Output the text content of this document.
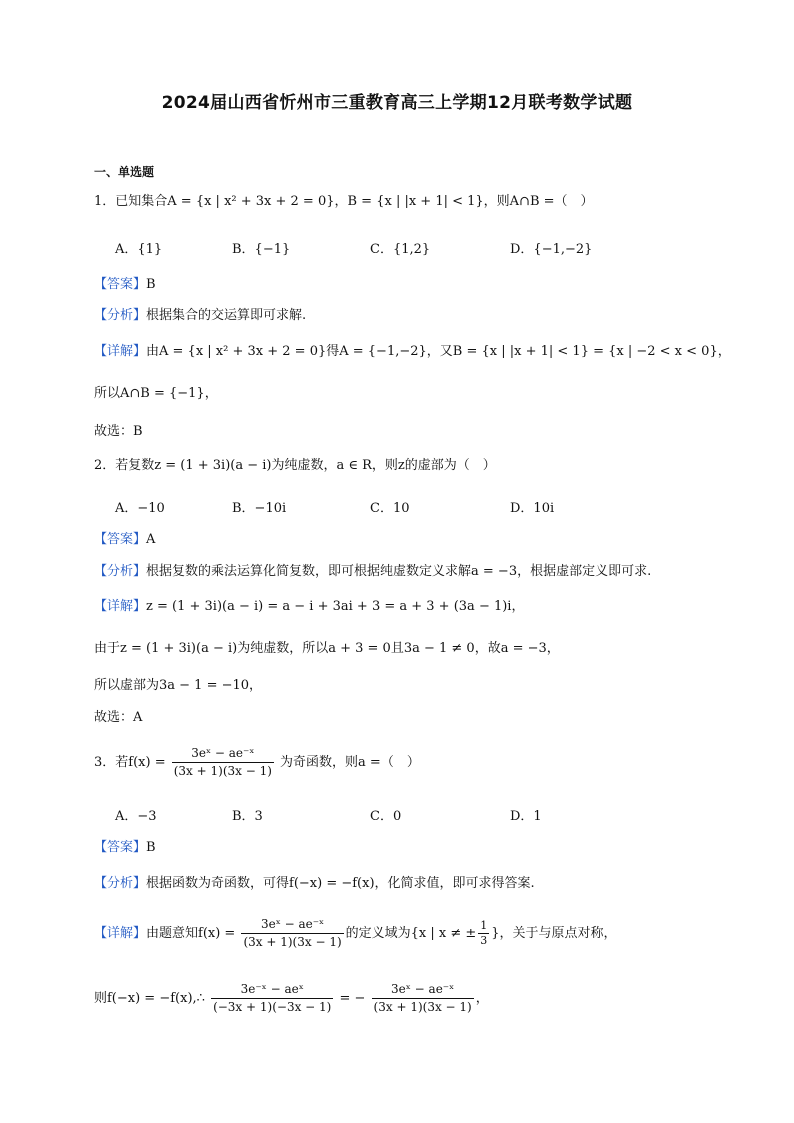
2024届山西省忻州市三重教育高三上学期12月联考数学试题
一、单选题
1．已知集合A = {x | x² + 3x + 2 = 0}，B = {x | |x + 1| < 1}，则A∩B =（　）
A．{1}	B．{−1}	C．{1,2}	D．{−1,−2}
【答案】B
【分析】根据集合的交运算即可求解.
【详解】由A = {x | x² + 3x + 2 = 0}得A = {−1,−2}，又B = {x | |x + 1| < 1} = {x | −2 < x < 0}，
所以A∩B = {−1}，
故选：B
2．若复数z = (1 + 3i)(a − i)为纯虚数，a ∈ R，则z的虚部为（　）
A．−10	B．−10i	C．10	D．10i
【答案】A
【分析】根据复数的乘法运算化简复数，即可根据纯虚数定义求解a = −3，根据虚部定义即可求.
【详解】z = (1 + 3i)(a − i) = a − i + 3ai + 3 = a + 3 + (3a − 1)i，
由于z = (1 + 3i)(a − i)为纯虚数，所以a + 3 = 0且3a − 1 ≠ 0，故a = −3，
所以虚部为3a − 1 = −10，
故选：A
3．若$f(x) = \frac{\text{3eˣ − ae⁻ˣ}}{(3x + 1)(3x - 1)}$ 为奇函数，则a =（　）
A．−3	B．3	C．0	D．1
【答案】B
【分析】根据函数为奇函数，可得f(−x) = −f(x)，化简求值，即可求得答案.
【详解】由题意知$f(x) = \frac{\text{3eˣ − ae⁻ˣ}}{(3x + 1)(3x - 1)}$ 的定义域为{x | x ≠ ± $\frac{1}{3}$ }，关于与原点对称，
则f(−x) = −f(x),∴ $\frac{\text{3e⁻ˣ − aeˣ}}{(-3x + 1)(-3x - 1)}$ = − $\frac{\text{3eˣ − ae⁻ˣ}}{(3x + 1)(3x - 1)}$ ，
